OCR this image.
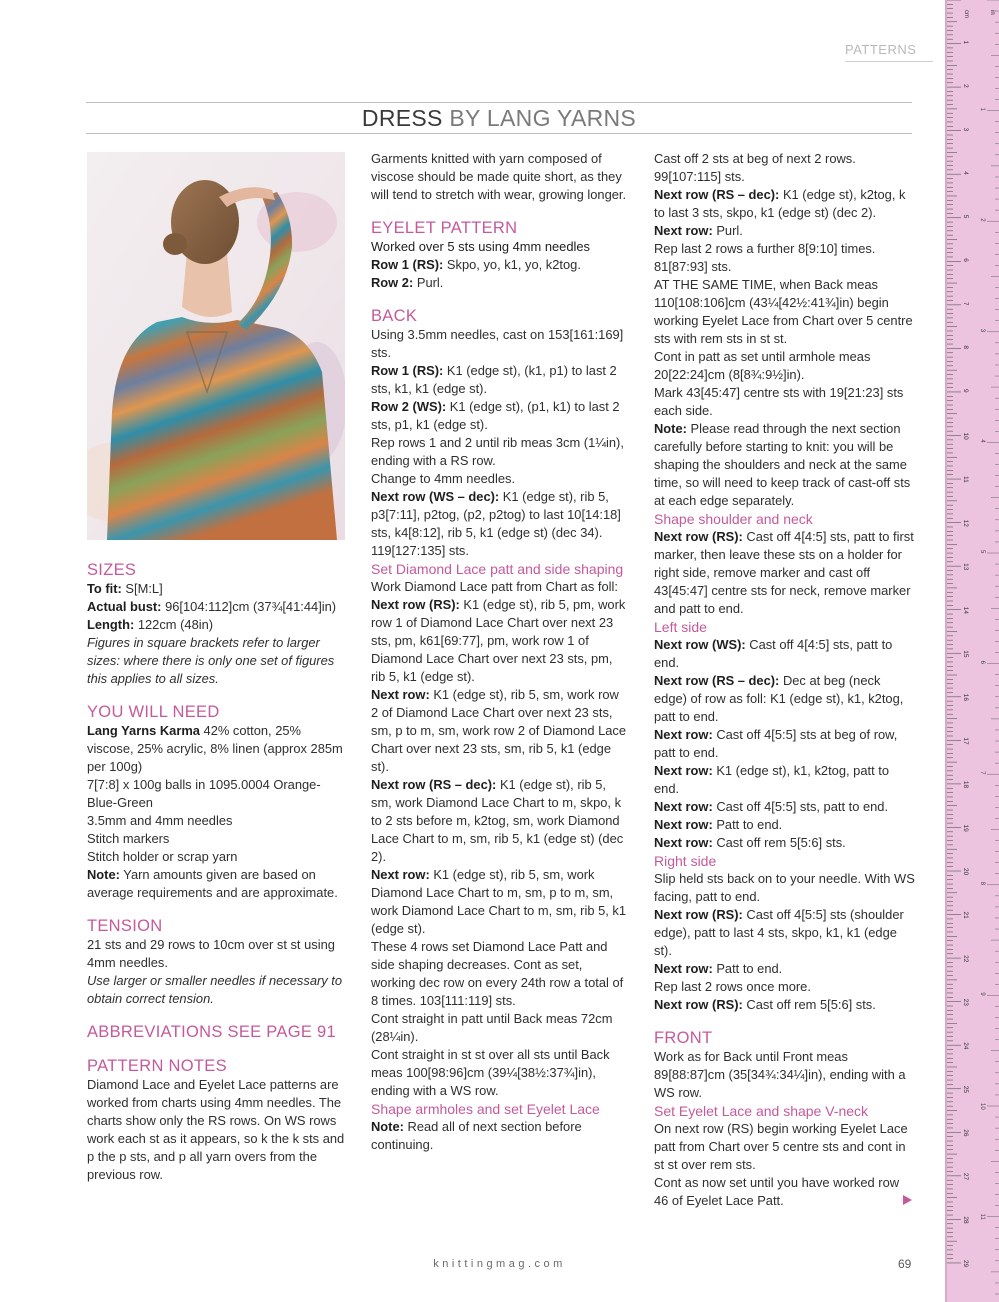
PATTERNS
DRESS BY LANG YARNS
SIZES

To fit: S[M:L]

Actual bust: 96[104:112]cm (37¾[41:44]in)

Length: 122cm (48in)

Figures in square brackets refer to larger sizes: where there is only one set of figures this applies to all sizes.

YOU WILL NEED

Lang Yarns Karma 42% cotton, 25% viscose, 25% acrylic, 8% linen (approx 285m per 100g)

7[7:8] x 100g balls in 1095.0004 Orange-Blue-Green

3.5mm and 4mm needles

Stitch markers

Stitch holder or scrap yarn

Note: Yarn amounts given are based on average requirements and are approximate.

TENSION

21 sts and 29 rows to 10cm over st st using 4mm needles.

Use larger or smaller needles if necessary to obtain correct tension.

ABBREVIATIONS SEE PAGE 91
PATTERN NOTES

Diamond Lace and Eyelet Lace patterns are worked from charts using 4mm needles. The charts show only the RS rows. On WS rows work each st as it appears, so k the k sts and p the p sts, and p all yarn overs from the previous row.

Garments knitted with yarn composed of viscose should be made quite short, as they will tend to stretch with wear, growing longer.

EYELET PATTERN

Worked over 5 sts using 4mm needles

Row 1 (RS): Skpo, yo, k1, yo, k2tog.

Row 2: Purl.

BACK

Using 3.5mm needles, cast on 153[161:169] sts.

Row 1 (RS): K1 (edge st), (k1, p1) to last 2 sts, k1, k1 (edge st).

Row 2 (WS): K1 (edge st), (p1, k1) to last 2 sts, p1, k1 (edge st).

Rep rows 1 and 2 until rib meas 3cm (1¼in), ending with a RS row.

Change to 4mm needles.

Next row (WS – dec): K1 (edge st), rib 5, p3[7:11], p2tog, (p2, p2tog) to last 10[14:18] sts, k4[8:12], rib 5, k1 (edge st) (dec 34). 119[127:135] sts.

Set Diamond Lace patt and side shaping

Work Diamond Lace patt from Chart as foll:

Next row (RS): K1 (edge st), rib 5, pm, work row 1 of Diamond Lace Chart over next 23 sts, pm, k61[69:77], pm, work row 1 of Diamond Lace Chart over next 23 sts, pm, rib 5, k1 (edge st).

Next row: K1 (edge st), rib 5, sm, work row 2 of Diamond Lace Chart over next 23 sts, sm, p to m, sm, work row 2 of Diamond Lace Chart over next 23 sts, sm, rib 5, k1 (edge st).

Next row (RS – dec): K1 (edge st), rib 5, sm, work Diamond Lace Chart to m, skpo, k to 2 sts before m, k2tog, sm, work Diamond Lace Chart to m, sm, rib 5, k1 (edge st) (dec 2).

Next row: K1 (edge st), rib 5, sm, work Diamond Lace Chart to m, sm, p to m, sm, work Diamond Lace Chart to m, sm, rib 5, k1 (edge st).

These 4 rows set Diamond Lace Patt and side shaping decreases. Cont as set, working dec row on every 24th row a total of 8 times. 103[111:119] sts.

Cont straight in patt until Back meas 72cm (28¼in).

Cont straight in st st over all sts until Back meas 100[98:96]cm (39¼[38½:37¾]in), ending with a WS row.

Shape armholes and set Eyelet Lace

Note: Read all of next section before continuing.

Cast off 2 sts at beg of next 2 rows. 99[107:115] sts.

Next row (RS – dec): K1 (edge st), k2tog, k to last 3 sts, skpo, k1 (edge st) (dec 2).

Next row: Purl.

Rep last 2 rows a further 8[9:10] times. 81[87:93] sts.

AT THE SAME TIME, when Back meas 110[108:106]cm (43¼[42½:41¾]in) begin working Eyelet Lace from Chart over 5 centre sts with rem sts in st st.

Cont in patt as set until armhole meas 20[22:24]cm (8[8¾:9½]in).

Mark 43[45:47] centre sts with 19[21:23] sts each side.

Note: Please read through the next section carefully before starting to knit: you will be shaping the shoulders and neck at the same time, so will need to keep track of cast-off sts at each edge separately.

Shape shoulder and neck

Next row (RS): Cast off 4[4:5] sts, patt to first marker, then leave these sts on a holder for right side, remove marker and cast off 43[45:47] centre sts for neck, remove marker and patt to end.

Left side

Next row (WS): Cast off 4[4:5] sts, patt to end.

Next row (RS – dec): Dec at beg (neck edge) of row as foll: K1 (edge st), k1, k2tog, patt to end.

Next row: Cast off 4[5:5] sts at beg of row, patt to end.

Next row: K1 (edge st), k1, k2tog, patt to end.

Next row: Cast off 4[5:5] sts, patt to end.

Next row: Patt to end.

Next row: Cast off rem 5[5:6] sts.

Right side

Slip held sts back on to your needle. With WS facing, patt to end.

Next row (RS): Cast off 4[5:5] sts (shoulder edge), patt to last 4 sts, skpo, k1, k1 (edge st).

Next row: Patt to end.

Rep last 2 rows once more.

Next row (RS): Cast off rem 5[5:6] sts.

FRONT

Work as for Back until Front meas 89[88:87]cm (35[34¾:34¼]in), ending with a WS row.

Set Eyelet Lace and shape V-neck

On next row (RS) begin working Eyelet Lace patt from Chart over 5 centre sts and cont in st st over rem sts.

Cont as now set until you have worked row 46 of Eyelet Lace Patt.

knittingmag.com	69
cm	in
1
2
3
4
5
6
7
8
9
10
11
12
13
14
15
16
17
18
19
20
21
22
23
24
25
26
27
28
29
1
2
3
4
5
6
7
8
9
10
11
